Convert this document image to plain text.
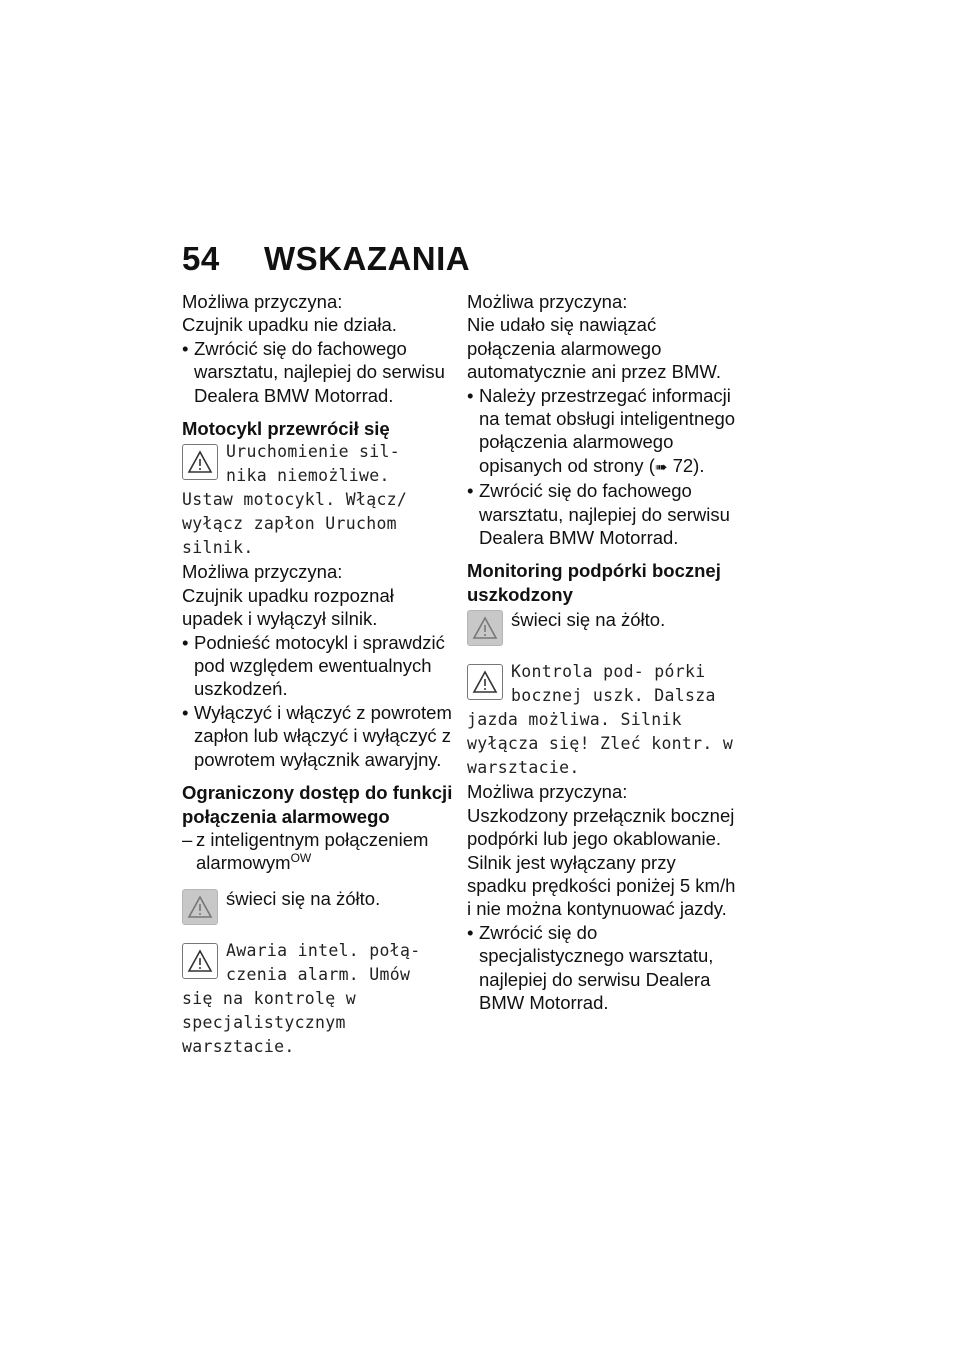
54 WSKAZANIA

Możliwa przyczyna:

Czujnik upadku nie działa.

• Zwrócić się do fachowego warsztatu, najlepiej do serwisu Dealera BMW Motorrad.

Motocykl przewrócił się
Uruchomienie sil-
nika niemożliwe.
Ustaw motocykl. Włącz/ wyłącz zapłon Uruchom silnik.

Możliwa przyczyna:

Czujnik upadku rozpoznał upadek i wyłączył silnik.

• Podnieść motocykl i sprawdzić pod względem ewentualnych uszkodzeń.

• Wyłączyć i włączyć z powrotem zapłon lub włączyć i wyłączyć z powrotem wyłącznik awaryjny.

Ograniczony dostęp do funkcji połączenia alarmowego

– z inteligentnym połączeniem alarmowym$^{OW}$

świeci się na żółto.
Awaria intel. połą-
czenia alarm. Umów
się na kontrolę w specjalistycznym warsztacie.

Możliwa przyczyna:

Nie udało się nawiązać połączenia alarmowego automatycznie ani przez BMW.

• Należy przestrzegać informacji na temat obsługi inteligentnego połączenia alarmowego opisanych od strony (➠ 72).

• Zwrócić się do fachowego warsztatu, najlepiej do serwisu Dealera BMW Motorrad.

Monitoring podpórki bocznej uszkodzony
świeci się na żółto.
Kontrola pod- pórki
bocznej uszk. Dalsza
jazda możliwa. Silnik wyłącza się! Zleć kontr. w warsztacie.

Możliwa przyczyna:

Uszkodzony przełącznik bocznej podpórki lub jego okablowanie. Silnik jest wyłączany przy spadku prędkości poniżej 5 km/h i nie można kontynuować jazdy.

• Zwrócić się do specjalistycznego warsztatu, najlepiej do serwisu Dealera BMW Motorrad.
